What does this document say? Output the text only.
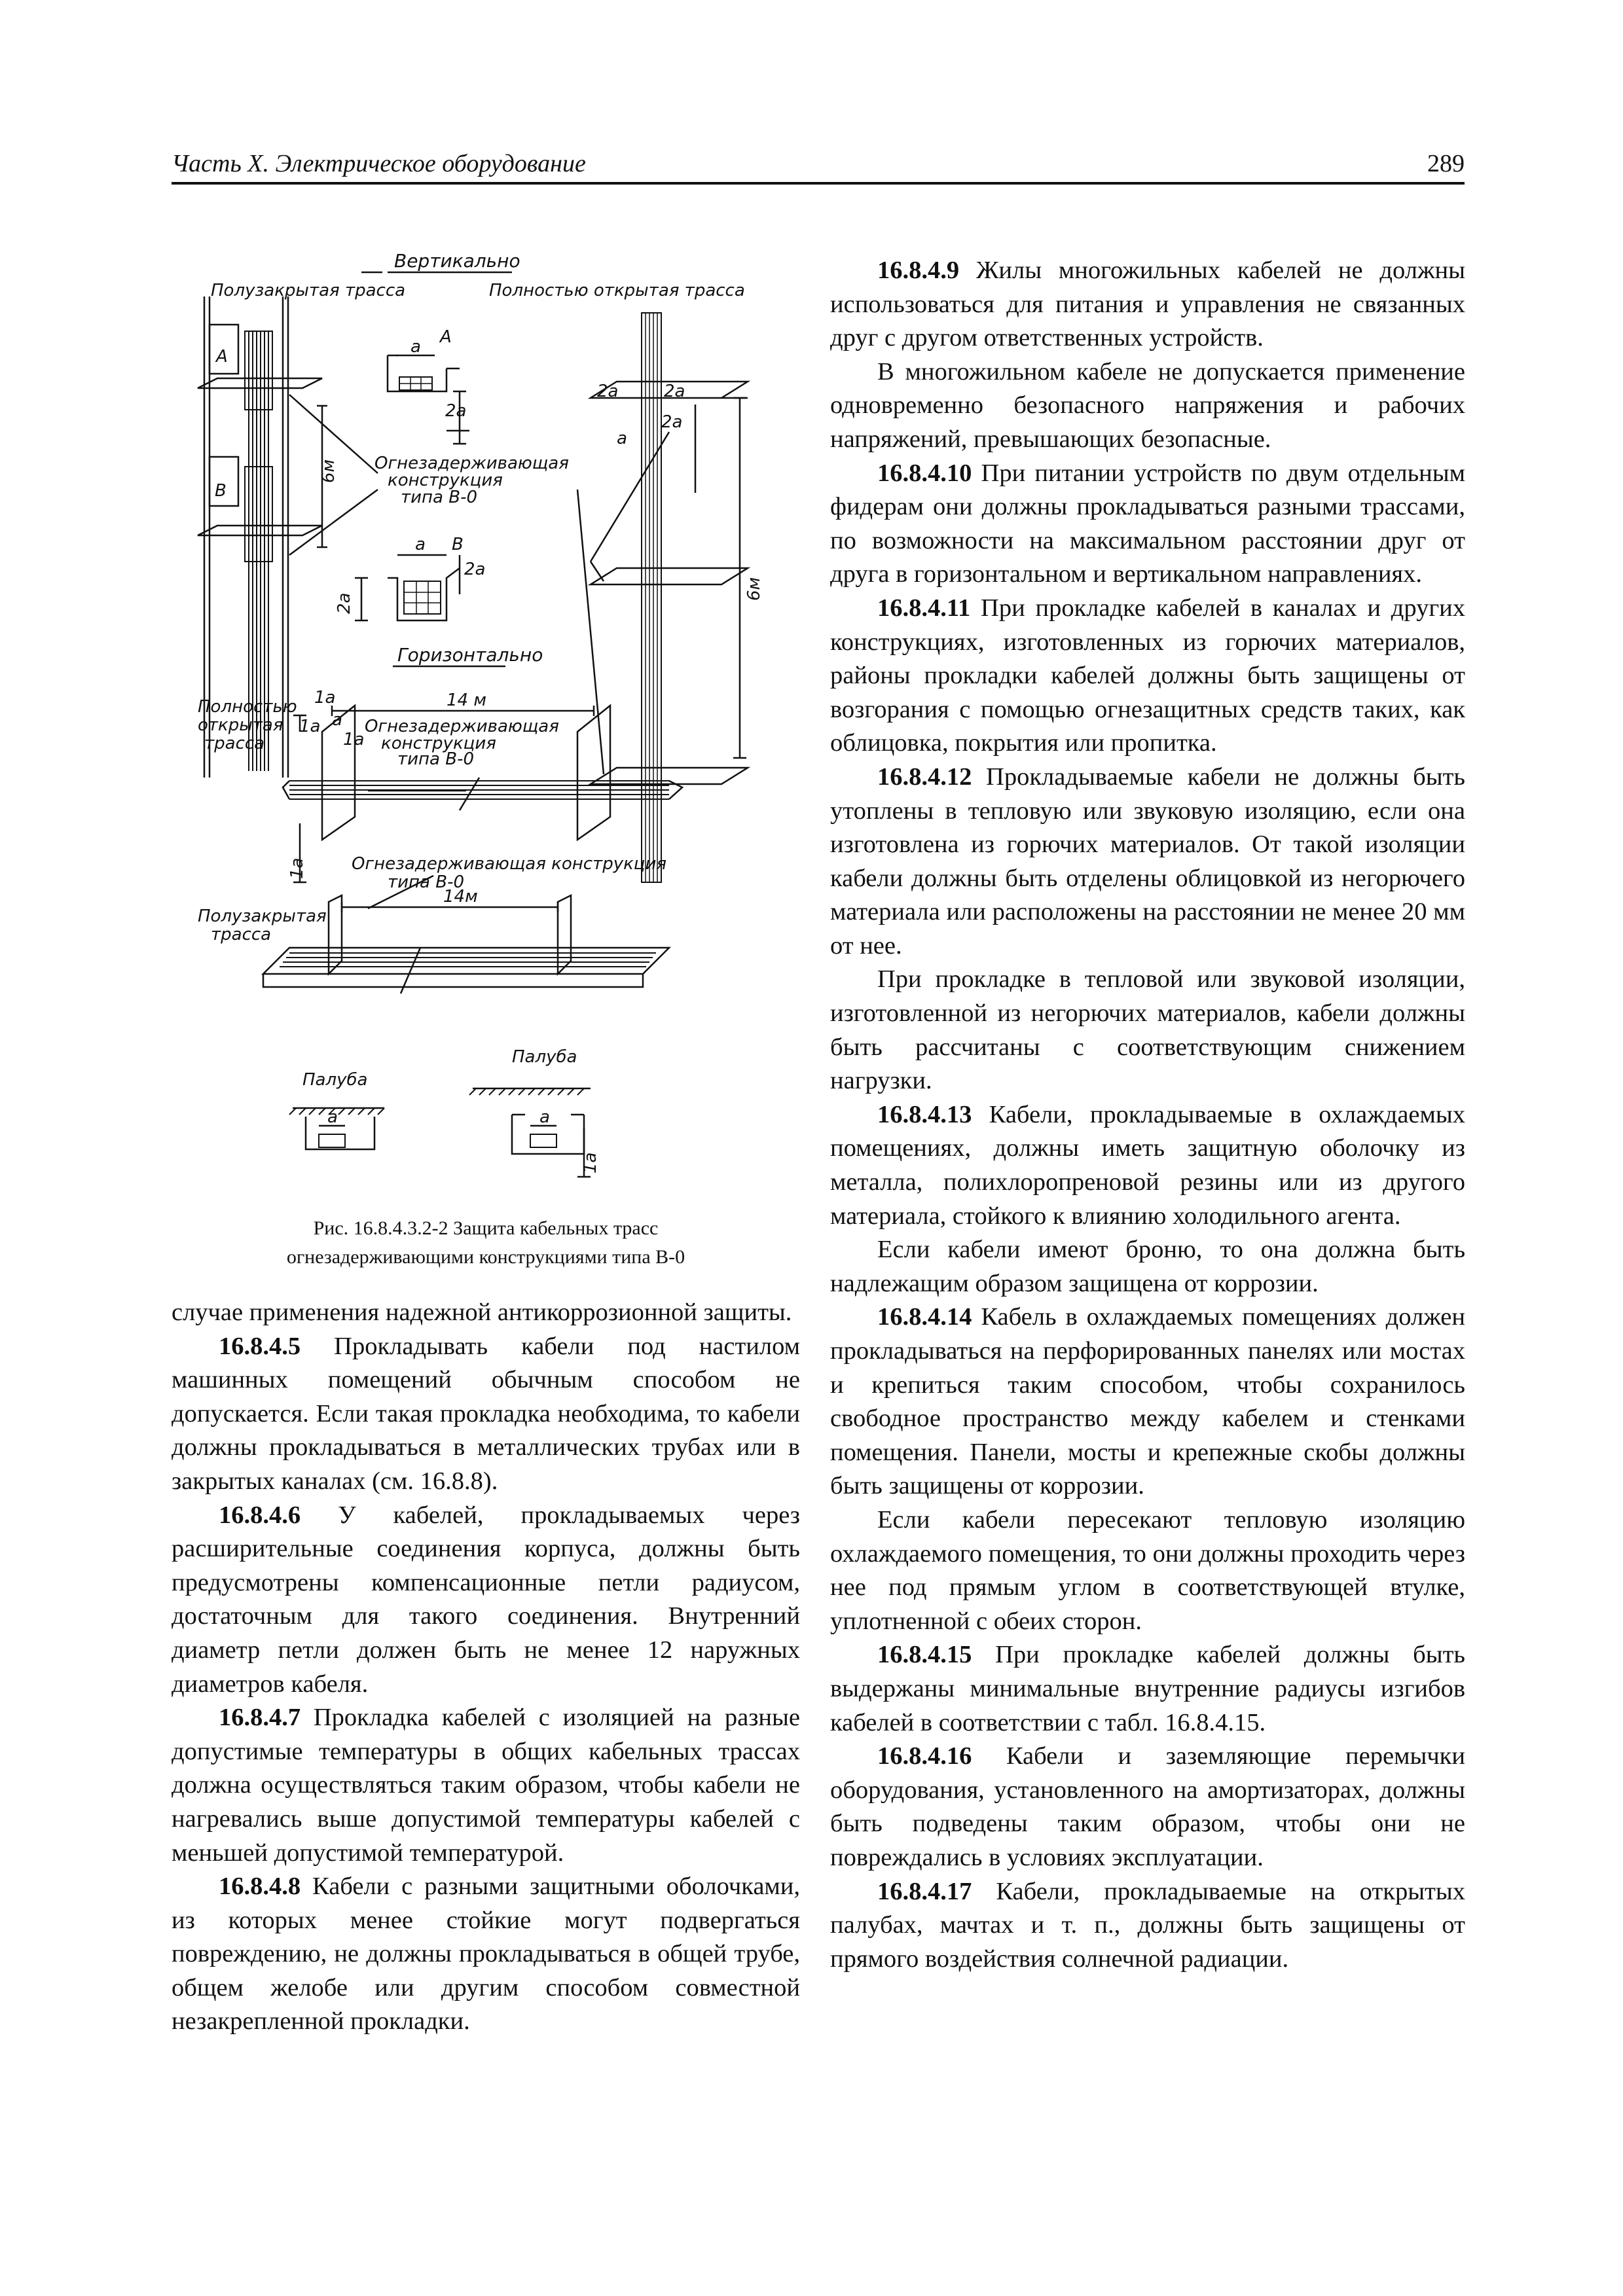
Часть X. Электрическое оборудование	289
Вертикально
Полузакрытая трасса	Полностью открытая трасса
A
В
A
a
2a
6м Огнезадерживающая
конструкция
типа В-0
a В
2a
2a
2a	2a
2a
a
6м
Горизонтально
Полностью
открытая
трасса
1a
1a a
1a
14 м
Огнезадерживающая
конструкция
типа В-0
1a	Огнезадерживающая конструкция
типа В-0
14м
Полузакрытая
трасса
Палуба
Палуба
a	a
1a
Рис. 16.8.4.3.2-2 Защита кабельных трасс
огнезадерживающими конструкциями типа В-0

случае применения надежной антикоррозионной защиты.

16.8.4.5 Прокладывать кабели под настилом машинных помещений обычным способом не допускается. Если такая прокладка необходима, то кабели должны прокладываться в металлических трубах или в закрытых каналах (см. 16.8.8).

16.8.4.6 У кабелей, прокладываемых через расширительные соединения корпуса, должны быть предусмотрены компенсационные петли радиусом, достаточным для такого соединения. Внутренний диаметр петли должен быть не менее 12 наружных диаметров кабеля.

16.8.4.7 Прокладка кабелей с изоляцией на разные допустимые температуры в общих кабельных трассах должна осуществляться таким образом, чтобы кабели не нагревались выше допустимой температуры кабелей с меньшей допустимой температурой.

16.8.4.8 Кабели с разными защитными оболочками, из которых менее стойкие могут подвергаться повреждению, не должны прокладываться в общей трубе, общем желобе или другим способом совместной незакрепленной прокладки.

16.8.4.9 Жилы многожильных кабелей не должны использоваться для питания и управления не связанных друг с другом ответственных устройств.

В многожильном кабеле не допускается применение одновременно безопасного напряжения и рабочих напряжений, превышающих безопасные.

16.8.4.10 При питании устройств по двум отдельным фидерам они должны прокладываться разными трассами, по возможности на максимальном расстоянии друг от друга в горизонтальном и вертикальном направлениях.

16.8.4.11 При прокладке кабелей в каналах и других конструкциях, изготовленных из горючих материалов, районы прокладки кабелей должны быть защищены от возгорания с помощью огнезащитных средств таких, как облицовка, покрытия или пропитка.

16.8.4.12 Прокладываемые кабели не должны быть утоплены в тепловую или звуковую изоляцию, если она изготовлена из горючих материалов. От такой изоляции кабели должны быть отделены облицовкой из негорючего материала или расположены на расстоянии не менее 20 мм от нее.

При прокладке в тепловой или звуковой изоляции, изготовленной из негорючих материалов, кабели должны быть рассчитаны с соответствующим снижением нагрузки.

16.8.4.13 Кабели, прокладываемые в охлаждаемых помещениях, должны иметь защитную оболочку из металла, полихлоропреновой резины или из другого материала, стойкого к влиянию холодильного агента.

Если кабели имеют броню, то она должна быть надлежащим образом защищена от коррозии.

16.8.4.14 Кабель в охлаждаемых помещениях должен прокладываться на перфорированных панелях или мостах и крепиться таким способом, чтобы сохранилось свободное пространство между кабелем и стенками помещения. Панели, мосты и крепежные скобы должны быть защищены от коррозии.

Если кабели пересекают тепловую изоляцию охлаждаемого помещения, то они должны проходить через нее под прямым углом в соответствующей втулке, уплотненной с обеих сторон.

16.8.4.15 При прокладке кабелей должны быть выдержаны минимальные внутренние радиусы изгибов кабелей в соответствии с табл. 16.8.4.15.

16.8.4.16 Кабели и заземляющие перемычки оборудования, установленного на амортизаторах, должны быть подведены таким образом, чтобы они не повреждались в условиях эксплуатации.

16.8.4.17 Кабели, прокладываемые на открытых палубах, мачтах и т. п., должны быть защищены от прямого воздействия солнечной радиации.
